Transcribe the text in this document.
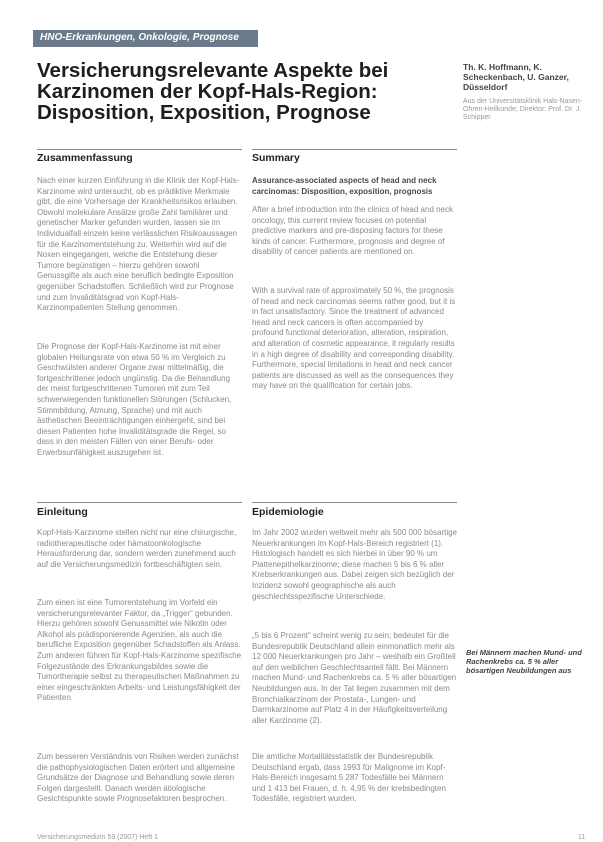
HNO-Erkrankungen, Onkologie, Prognose
Versicherungsrelevante Aspekte bei Karzinomen der Kopf-Hals-Region: Disposition, Exposition, Prognose
Th. K. Hoffmann, K. Scheckenbach, U. Ganzer, Düsseldorf
Aus der Universitätsklinik Hals-Nasen-Ohren-Heilkunde; Direktor: Prof. Dr. J. Schipper
Zusammenfassung

Nach einer kurzen Einführung in die Klinik der Kopf-Hals-Karzinome wird untersucht, ob es prädiktive Merkmale gibt, die eine Vorhersage der Krankheitsrisikos erlauben. Obwohl molekulare Ansätze große Zahl familiärer und genetischer Marker gefunden wurden, lassen sie im Individualfall einzeln keine verlässlichen Risikoaussagen für die Karzinomentstehung zu. Weiterhin wird auf die Noxen eingegangen, welche die Entstehung dieser Tumore begünstigen – hierzu gehören sowohl Genussgifte als auch eine beruflich bedingte Exposition gegenüber Schadstoffen. Schließlich wird zur Prognose und zum Invaliditätsgrad von Kopf-Hals-Karzinompatienten Stellung genommen.

Die Prognose der Kopf-Hals-Karzinome ist mit einer globalen Heilungsrate von etwa 50 % im Vergleich zu Geschwülsten anderer Organe zwar mittelmäßig, die fortgeschrittener jedoch ungünstig. Da die Behandlung der meist fortgeschrittenen Tumoren mit zum Teil schwerwiegenden funktionellen Störungen (Schlucken, Stimmbildung, Atmung, Sprache) und mit auch ästhetischen Beeinträchtigungen einhergeht, sind bei diesen Patienten hohe Invaliditätsgrade die Regel, so dass in den meisten Fällen von einer Berufs- oder Erwerbsunfähigkeit auszugehen ist.

Summary

Assurance-associated aspects of head and neck carcinomas: Disposition, exposition, prognosis

After a brief introduction into the clinics of head and neck oncology, this current review focuses on potential predictive markers and pre-disposing factors for these kinds of cancer. Furthermore, prognosis and degree of disability of cancer patients are mentioned on.

With a survival rate of approximately 50 %, the prognosis of head and neck carcinomas seems rather good, but it is in fact unsatisfactory. Since the treatment of advanced head and neck cancers is often accompanied by profound functional deterioration, alteration, respiration, and alteration of cosmetic appearance, it regularly results in a high degree of disability and corresponding disability. Furthermore, special limitations in head and neck cancer patients are discussed as well as the consequences they may have on the qualification for certain jobs.

Einleitung

Kopf-Hals-Karzinome stellen nicht nur eine chirurgische, radiotherapeutische oder hämatoonkologische Herausforderung dar, sondern werden zunehmend auch auf die Versicherungsmedizin fortbeschäftigten sein.

Zum einen ist eine Tumorentstehung im Vorfeld ein versicherungsrelevanter Faktor, da „Trigger“ gebunden. Hierzu gehören sowohl Genussmittel wie Nikotin oder Alkohol als prädisponierende Agenzien, als auch die berufliche Exposition gegenüber Schadstoffen als Anlass. Zum anderen führen für Kopf-Hals-Karzinome spezifische Folgezustände des Erkrankungsbildes sowie die Tumortherapie selbst zu therapeutischen Maßnahmen zu einer eingeschränkten Arbeits- und Leistungsfähigkeit der Patienten.

Zum besseren Verständnis von Risiken werden zunächst die pathophysiologischen Daten erörtert und allgemeine Grundsätze der Diagnose und Behandlung sowie deren Folgen dargestellt. Danach werden ätiologische Gesichtspunkte sowie Prognosefaktoren besprochen.

Epidemiologie

Im Jahr 2002 wurden weltweit mehr als 500 000 bösartige Neuerkrankungen im Kopf-Hals-Bereich registriert (1). Histologisch handelt es sich hierbei in über 90 % um Plattenepithelkarzinome; diese machen 5 bis 6 % aller Krebserkrankungen aus. Dabei zeigen sich bezüglich der Inzidenz sowohl geographische als auch geschlechtsspezifische Unterschiede.

„5 bis 6 Prozent“ scheint wenig zu sein; bedeutet für die Bundesrepublik Deutschland allein einmonatlich mehr als 12 000 Neuerkrankungen pro Jahr – weshalb ein Großteil auf den weiblichen Geschlechtsanteil fällt. Bei Männern machen Mund- und Rachenkrebs ca. 5 % aller bösartigen Neubildungen aus. In der Tat liegen zusammen mit dem Bronchialkarzinom der Prostata-, Lungen- und Darmkarzinome auf Platz 4 in der Häufigkeitsverteilung aller Karzinome (2).

Die amtliche Mortalitätsstatistik der Bundesrepublik Deutschland ergab, dass 1993 für Malignome im Kopf-Hals-Bereich insgesamt 5 287 Todesfälle bei Männern und 1 413 bei Frauen, d. h. 4,95 % der krebsbedingten Todesfälle, registriert wurden.

Bei Männern machen Mund- und Rachenkrebs ca. 5 % aller bösartigen Neubildungen aus
Versicherungsmedizin 59 (2007) Heft 1	11
